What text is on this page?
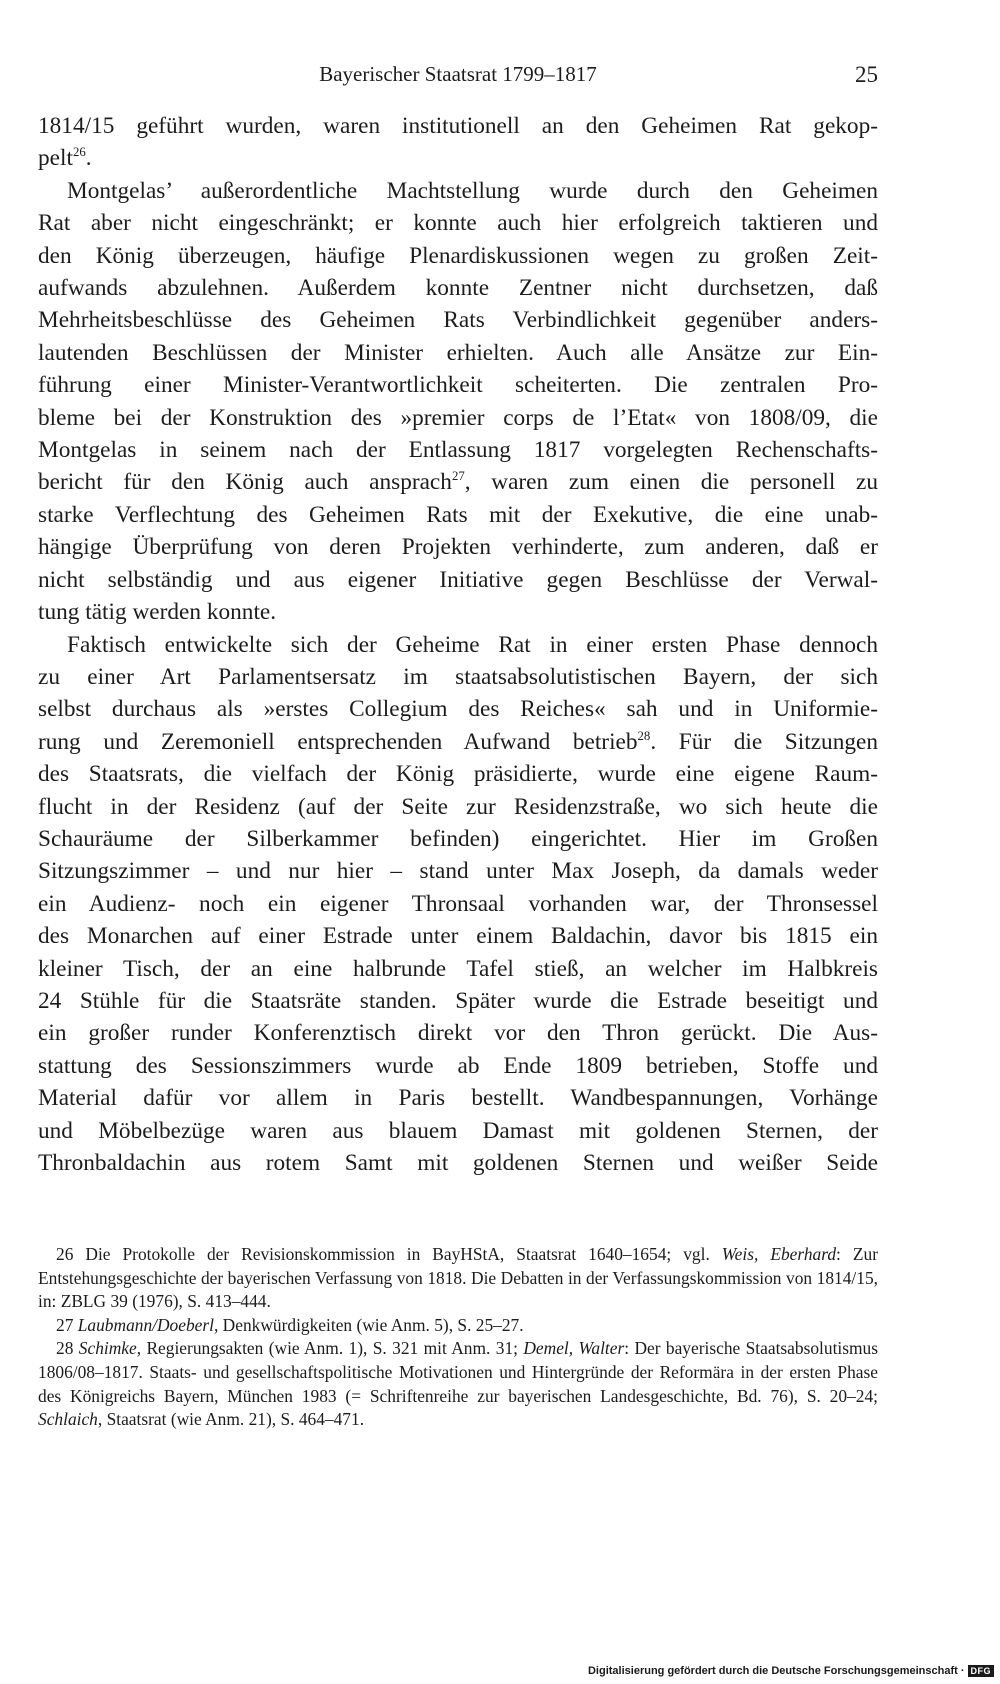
Bayerischer Staatsrat 1799–1817	25

1814/15 geführt wurden, waren institutionell an den Geheimen Rat gekop-

pelt$^{26}$.

Montgelas’ außerordentliche Machtstellung wurde durch den Geheimen

Rat aber nicht eingeschränkt; er konnte auch hier erfolgreich taktieren und

den König überzeugen, häufige Plenardiskussionen wegen zu großen Zeit-

aufwands abzulehnen. Außerdem konnte Zentner nicht durchsetzen, daß

Mehrheitsbeschlüsse des Geheimen Rats Verbindlichkeit gegenüber anders-

lautenden Beschlüssen der Minister erhielten. Auch alle Ansätze zur Ein-

führung einer Minister-Verantwortlichkeit scheiterten. Die zentralen Pro-

bleme bei der Konstruktion des »premier corps de l’Etat« von 1808/09, die

Montgelas in seinem nach der Entlassung 1817 vorgelegten Rechenschafts-

bericht für den König auch ansprach$^{27}$, waren zum einen die personell zu

starke Verflechtung des Geheimen Rats mit der Exekutive, die eine unab-

hängige Überprüfung von deren Projekten verhinderte, zum anderen, daß er

nicht selbständig und aus eigener Initiative gegen Beschlüsse der Verwal-

tung tätig werden konnte.

Faktisch entwickelte sich der Geheime Rat in einer ersten Phase dennoch

zu einer Art Parlamentsersatz im staatsabsolutistischen Bayern, der sich

selbst durchaus als »erstes Collegium des Reiches« sah und in Uniformie-

rung und Zeremoniell entsprechenden Aufwand betrieb$^{28}$. Für die Sitzungen

des Staatsrats, die vielfach der König präsidierte, wurde eine eigene Raum-

flucht in der Residenz (auf der Seite zur Residenzstraße, wo sich heute die

Schauräume der Silberkammer befinden) eingerichtet. Hier im Großen

Sitzungszimmer – und nur hier – stand unter Max Joseph, da damals weder

ein Audienz- noch ein eigener Thronsaal vorhanden war, der Thronsessel

des Monarchen auf einer Estrade unter einem Baldachin, davor bis 1815 ein

kleiner Tisch, der an eine halbrunde Tafel stieß, an welcher im Halbkreis

24 Stühle für die Staatsräte standen. Später wurde die Estrade beseitigt und

ein großer runder Konferenztisch direkt vor den Thron gerückt. Die Aus-

stattung des Sessionszimmers wurde ab Ende 1809 betrieben, Stoffe und

Material dafür vor allem in Paris bestellt. Wandbespannungen, Vorhänge

und Möbelbezüge waren aus blauem Damast mit goldenen Sternen, der

Thronbaldachin aus rotem Samt mit goldenen Sternen und weißer Seide

26 Die Protokolle der Revisionskommission in BayHStA, Staatsrat 1640–1654; vgl. Weis, Eberhard: Zur Entstehungsgeschichte der bayerischen Verfassung von 1818. Die Debatten in der Verfassungskommission von 1814/15, in: ZBLG 39 (1976), S. 413–444.

27 Laubmann/Doeberl, Denkwürdigkeiten (wie Anm. 5), S. 25–27.

28 Schimke, Regierungsakten (wie Anm. 1), S. 321 mit Anm. 31; Demel, Walter: Der bayerische Staatsabsolutismus 1806/08–1817. Staats- und gesellschaftspolitische Motivationen und Hintergründe der Reformära in der ersten Phase des Königreichs Bayern, München 1983 (= Schriftenreihe zur bayerischen Landesgeschichte, Bd. 76), S. 20–24; Schlaich, Staatsrat (wie Anm. 21), S. 464–471.

Digitalisierung gefördert durch die Deutsche Forschungsgemeinschaft · DFG
